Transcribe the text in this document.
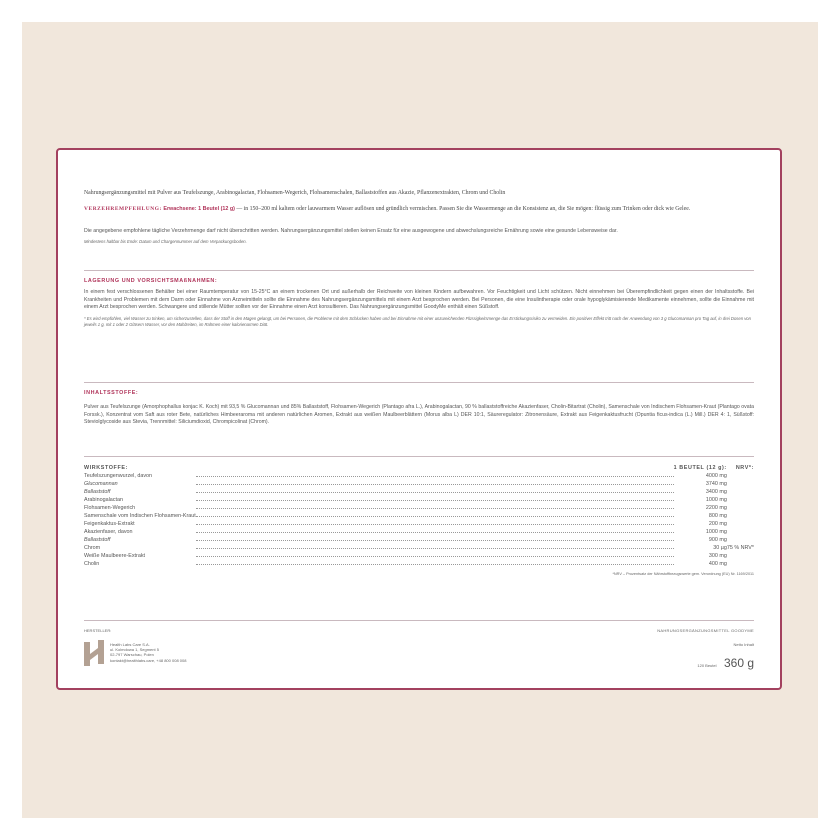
Nahrungsergänzungsmittel mit Pulver aus Teufelszunge, Arabinogalactan, Flohsamen-Wegerich, Flohsamenschalen, Ballaststoffen aus Akazie, Pflanzenextrakten, Chrom und Cholin

VERZEHREMPFEHLUNG: Erwachsene: 1 Beutel (12 g) — in 150–200 ml kaltem oder lauwarmem Wasser auflösen und gründlich vermischen. Passen Sie die Wassermenge an die Konsistenz an, die Sie mögen: flüssig zum Trinken oder dick wie Gelee.

Die angegebene empfohlene tägliche Verzehrmenge darf nicht überschritten werden. Nahrungsergänzungsmittel stellen keinen Ersatz für eine ausgewogene und abwechslungsreiche Ernährung sowie eine gesunde Lebensweise dar.

Mindestens haltbar bis Ende: Datum und Chargennummer auf dem Verpackungsboden.

LAGERUNG UND VORSICHTSMAßNAHMEN:

In einem fest verschlossenen Behälter bei einer Raumtemperatur von 15-25°C an einem trockenen Ort und außerhalb der Reichweite von kleinen Kindern aufbewahren. Vor Feuchtigkeit und Licht schützen. Nicht einnehmen bei Überempfindlichkeit gegen einen der Inhaltsstoffe. Bei Krankheiten und Problemen mit dem Darm oder Einnahme von Arzneimitteln sollte die Einnahme des Nahrungsergänzungsmittels mit einem Arzt besprochen werden. Bei Personen, die eine Insulintherapie oder orale hypoglykämisierende Medikamente einnehmen, sollte die Einnahme mit einem Arzt besprochen werden. Schwangere und stillende Mütter sollten vor der Einnahme einen Arzt konsultieren. Das Nahrungsergänzungsmittel GoodyMe enthält einen Süßstoff.

* Es wird empfohlen, viel Wasser zu trinken, um sicherzustellen, dass der Stoff in den Magen gelangt, um bei Personen, die Probleme mit dem Schlucken haben und bei Einnahme mit einer unzureichenden Flüssigkeitsmenge das Erstickungsrisiko zu vermeiden. Ein positiver Effekt tritt nach der Anwendung von 3 g Glucomannan pro Tag auf, in drei Dosen von jeweils 1 g, mit 1 oder 2 Gläsern Wasser, vor den Mahlzeiten, im Rahmen einer kalorienarmen Diät.

INHALTSSTOFFE:

Pulver aus Teufelszunge (Amorphophallus konjac K. Koch) mit 93,5 % Glucomannan und 85% Ballaststoff, Flohsamen-Wegerich (Plantago afra L.), Arabinogalactan, 90 % ballaststoffreiche Akazienfaser, Cholin-Bitartrat (Cholin), Samenschale von Indischem Flohsamen-Kraut (Plantago ovata Forssk.), Konzentrat vom Saft aus roter Bete, natürliches Himbeeraroma mit anderen natürlichen Aromen, Extrakt aus weißen Maulbeerblättern (Morus alba L) DER 10:1, Säureregulator: Zitronensäure, Extrakt aus Feigenkaktusfrucht (Opuntia ficus-indica (L.) Mill.) DER 4: 1, Süßstoff: Steviolglycoside aus Stevia, Trennmittel: Siliciumdioxid, Chrompicolinat (Chrom).

WIRKSTOFFE:		1 BEUTEL (12 g):	NRV*:
Teufelszungenwurzel, davon		4000 mg	
Glucomannan		3740 mg	
Ballaststoff		3400 mg	
Arabinogalactan		1000 mg	
Flohsamen-Wegerich		2200 mg	
Samenschale vom Indischen Flohsamen-Kraut		800 mg	
Feigenkaktus-Extrakt		200 mg	
Akazienfaser, davon		1000 mg	
Ballaststoff		900 mg	
Chrom		30 µg	75 % NRV*
Weiße Maulbeere-Extrakt		300 mg	
Cholin		400 mg	
*NRV – Prozentsatz der Nährstoffbezugswerte gem. Verordnung (EU) Nr. 1169/2011
HERSTELLER:
Health Labs Care S.A.
ul. Kolmdowa 1, Segment 5
02-797 Warschau, Polen
kontakt@healthlabs.care, +48 800 008 008
NAHRUNGSERGÄNZUNGSMITTEL GOODYME
Netto Inhalt
120 Beutel 360 g
